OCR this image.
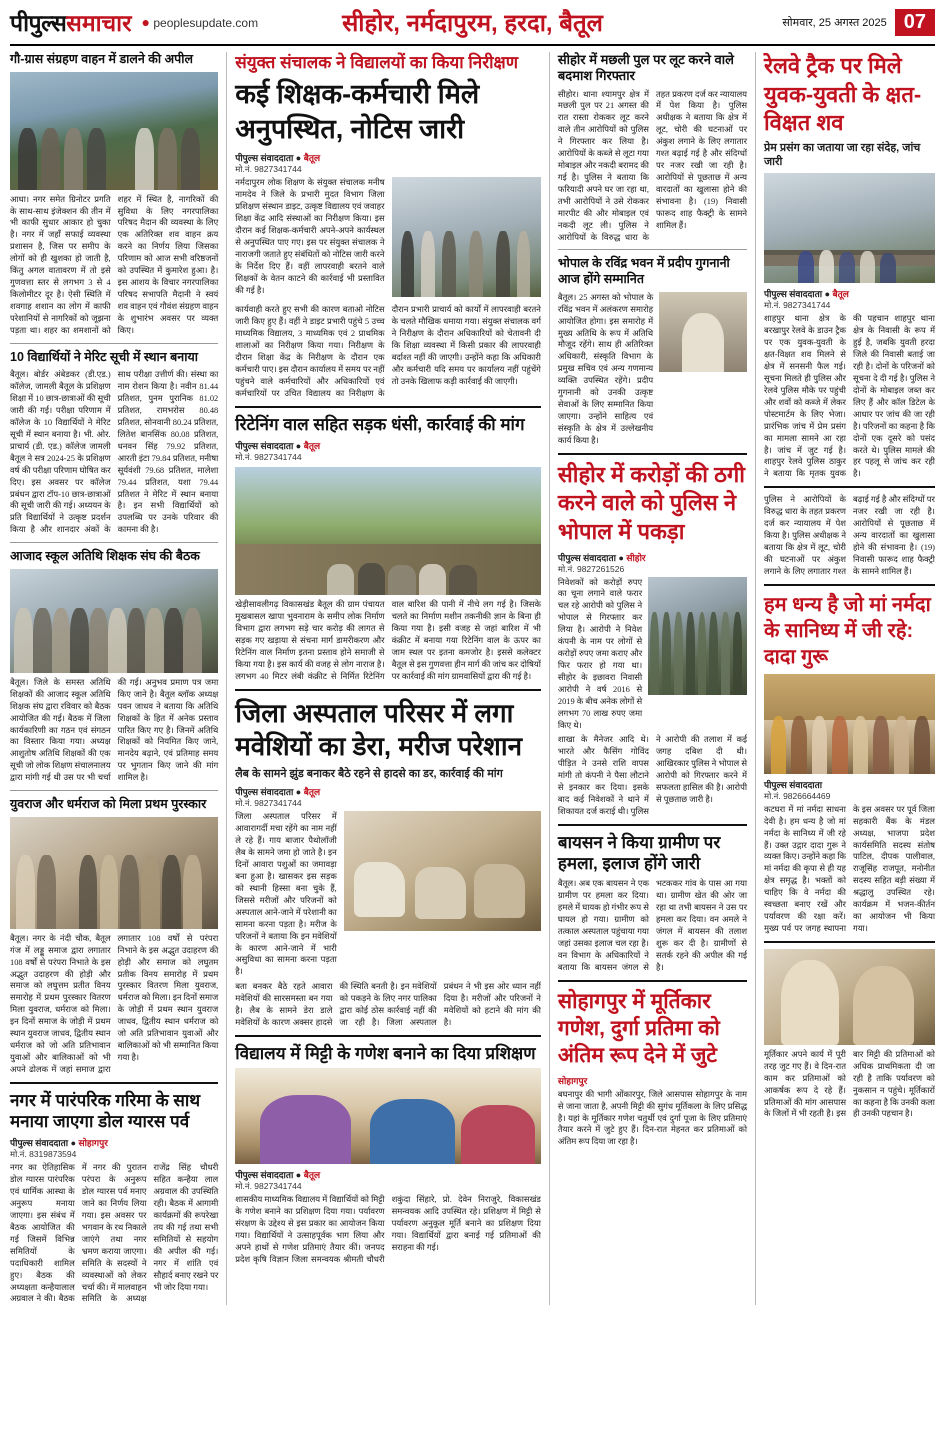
पीपुल्स समाचार ● peoplesupdate.com	सीहोर, नर्मदापुरम, हरदा, बैतूल	सोमवार, 25 अगस्त 2025 07
गौ-ग्रास संग्रहण वाहन में डालने की अपील
आधा। नगर समेत ग्रिनोटर प्रगति के साथ-साथ इंजेक्शन की तीन में भी काफी सुधार आकार हो चुका है। नगर में जहाँ सफाई व्यवस्था प्रशासन है, जिस पर समीप के लोगों को ही खुशका हो जाती है, किंतु अगल वातावरण में तो इसे गुणवत्ता स्तर से लगभग 3 से 4 किलोमीटर दूर है। ऐसी स्थिति में शवगाह शशान का लोग में काफी परेशानियों से नागरिकों को जूझना पड़ता था। शहर का शमशानों को शहर में स्थित है, नागरिकों की सुविधा के लिए नगरपालिका परिषद मैदान की व्यवस्था के लिए एक अतिरिक्त शव वाहन क्रय करने का निर्णय लिया जिसका परिणाम को आज सभी वरिष्ठजनों को उपस्थित में कुमारेश हुआ। है। इस आशय के विचार नगरपालिका परिषद सभापति मैदानी ने स्वयं शव वाहन एवं गौवंश संग्रहण वाहन के शुभारंभ अवसर पर व्यक्त किए।
10 विद्यार्थियों ने मेरिट सूची में स्थान बनाया
बैतूल। बोर्डर अंबेडकर (डी.एड.) कॉलेज, जामली बैतूल के प्रशिक्षण शिक्षा में 10 छात्र-छात्राओं की सूची जारी की गई। परीक्षा परिणाम में कॉलेज के 10 विद्यार्थियों ने मेरिट सूची में स्थान बनाया है। भी. ओर. प्राचार्य (डी. एड.) कॉलेज जामली बैतूल ने सत्र 2024-25 के प्रशिक्षण वर्ष की परीक्षा परिणाम घोषित कर दिए। इस अवसर पर कॉलेज प्रबंधन द्वारा टॉप-10 छात्र-छात्राओं की सूची जारी की गई। अध्ययन के प्रति विद्यार्थियों ने उत्कृष्ट प्रदर्शन किया है और शानदार अंकों के साथ परीक्षा उत्तीर्ण की। संस्था का नाम रोशन किया है। नवीन 81.44 प्रतिशत, पुनम पुरानिक 81.02 प्रतिशत, रामभरोस 80.48 प्रतिशत, सोनवानी 80.24 प्रतिशत, लितेश बानसिंक 80.08 प्रतिशत, धनवन सिंह 79.92 प्रतिशत, आरती इंटा 79.84 प्रतिशत, मनीषा सूर्यवंशी 79.68 प्रतिशत, मालेशा 79.44 प्रतिशत, यशा 79.44 प्रतिशत ने मेरिट में स्थान बनाया है। इन सभी विद्यार्थियों को उपलब्धि पर उनके परिवार की कामना की है।
आजाद स्कूल अतिथि शिक्षक संघ की बैठक
बैतूल। जिले के समस्त अतिथि शिक्षकों की आजाद स्कूल अतिथि शिक्षक संघ द्वारा रविवार को बैठक आयोजित की गई। बैठक में जिला कार्यकारिणी का गठन एवं संगठन का विस्तार किया गया। अध्यक्ष आशुतोष अतिथि शिक्षकों की एक सूची जो लोक शिक्षण संचालनालय द्वारा मांगी गई थी उस पर भी चर्चा की गई। अनुभव प्रमाण पत्र जमा किए जाने है। बैतूल ब्लॉक अध्यक्ष पवन जाधव ने बताया कि अतिथि शिक्षकों के हित में अनेक प्रस्ताव पारित किए गए है। जिनमें अतिथि शिक्षकों को नियमित किए जाने, मानदेय बढ़ाने, एवं प्रतिमाह समय पर भुगतान किए जाने की मांग शामिल है।
युवराज और धर्मराज को मिला प्रथम पुरस्कार
बैतूल। नगर के नंदी चौक, बैतूल गंज में लड्डू समाज द्वारा लगातार 108 वर्षों से परंपरा निभाते के इस अद्भुत उदाहरण की होड़ी और समाज को लघुत्तम प्रतीत विनय समारोह में प्रथम पुरस्कार वितरण मिला युवराज, धर्मराज को मिला। इन दिनों समाज के जोड़ी में प्रथम स्थान युवराज जाधव, द्वितीय स्थान धर्मराज को जो अति प्रतिभावान युवाओं और बालिकाओं को भी अपने ढोलक में जहां समाज द्वारा लगातार 108 वर्षों से परंपरा निभाने के इस अद्भुत उदाहरण की होड़ी और समाज को लघुतम प्रतीक विनय समारोह में प्रथम पुरस्कार वितरण मिला युवराज, धर्मराज को मिला। इन दिनों समाज के जोड़ी में प्रथम स्थान युवराज जाधव, द्वितीय स्थान धर्मराज को जो अति प्रतिभावान युवाओं और बालिकाओं को भी सम्मानित किया गया है।
नगर में पारंपरिक गरिमा के साथ मनाया जाएगा डोल ग्यारस पर्व
पीपुल्स संवाददाता ● सोहागपुर
मो.नं. 8319873594
नगर का ऐतिहासिक डोल ग्यारस पारंपरिक एवं धार्मिक आस्था के अनुरूप मनाया जाएगा। इस संबंध में बैठक आयोजित की गई जिसमें विभिन्न समितियों के पदाधिकारी शामिल हुए। बैठक की अध्यक्षता कन्हैयालाल अग्रवाल ने की। बैठक में नगर की पुरातन परंपरा के अनुरूप डोल ग्यारस पर्व मनाए जाने का निर्णय लिया गया। इस अवसर पर भगवान के रथ निकाले जाएंगे तथा नगर भ्रमण कराया जाएगा। समिति के सदस्यों ने व्यवस्थाओं को लेकर चर्चा की। में मालवाहन समिति के अध्यक्ष राजेंद्र सिंह चौधरी सहित कन्हैया लाल अग्रवाल की उपस्थिति रही। बैठक में आगामी कार्यक्रमों की रूपरेखा तय की गई तथा सभी समितियों से सहयोग की अपील की गई। नगर में शांति एवं सौहार्द बनाए रखने पर भी जोर दिया गया।
संयुक्त संचालक ने विद्यालयों का किया निरीक्षण
कई शिक्षक-कर्मचारी मिले अनुपस्थित, नोटिस जारी
पीपुल्स संवाददाता ● बैतूल
मो.नं. 9827341744
नर्मदापुरम लोक शिक्षण के संयुक्त संचालक मनीष नामदेव ने जिले के प्रभारी मुदत विभाग जिला प्रशिक्षण संस्थान डाइट, उत्कृष्ट विद्यालय एवं जवाहर शिक्षा केंद्र आदि संस्थाओं का निरीक्षण किया। इस दौरान कई शिक्षक-कर्मचारी अपने-अपने कार्यस्थल से अनुपस्थित पाए गए। इस पर संयुक्त संचालक ने नाराजगी जताते हुए संबंधितों को नोटिस जारी करने के निर्देश दिए हैं। वहीं लापरवाही बरतने वाले शिक्षकों के वेतन काटने की कार्रवाई भी प्रस्तावित की गई है।
कार्यवाही करते हुए सभी की कारण बताओ नोटिस जारी किए हुए हैं। वहीं ने डाइट प्रभारी पहुंचे 5 उच्च माध्यमिक विद्यालय, 3 माध्यमिक एवं 2 प्राथमिक शालाओं का निरीक्षण किया गया। निरीक्षण के दौरान शिक्षा केंद्र के निरीक्षण के दौरान एक कर्मचारी पाए। इस दौरान कार्यालय में समय पर नहीं पहुंचने वाले कर्मचारियों और अधिकारियों एवं कर्मचारियों पर उचित विद्यालय का निरीक्षण के दौरान प्रभारी प्राचार्य को कार्यों में लापरवाही बरतने के चलते मौखिक धमाया गया। संयुक्त संचालक वर्ग ने निरीक्षण के दौरान अधिकारियों को चेतावनी दी कि शिक्षा व्यवस्था में किसी प्रकार की लापरवाही बर्दाश्त नहीं की जाएगी। उन्होंने कहा कि अधिकारी और कर्मचारी यदि समय पर कार्यालय नहीं पहुंचेंगे तो उनके खिलाफ कड़ी कार्रवाई की जाएगी।
रिटेनिंग वाल सहित सड़क धंसी, कार्रवाई की मांग
पीपुल्स संवाददाता ● बैतूल
मो.नं. 9827341744
खेड़ीसावलीगढ़ विकासखंड बैतूल की ग्राम पंचायत मुखबासल खापा भुवनाराम के समीप लोक निर्माण विभाग द्वारा लगभग सड़े चार करोड़ की लागत से सड़क गए खड़ाया से संचना मार्ग डामरीकरण और रिटेनिंग वाल निर्माण इतना प्रस्ताव होने समाजी से किया गया है। इस कार्य की वजह से लोग नाराज है। लगभग 40 मिटर लंबी कंक्रीट से निर्मित रिटेनिंग वाल बारिश की पानी में नीचे लग गई है। जिसके चलते का निर्माण मशीन तकनीकी ज्ञान के बिना ही किया गया है। इसी वजह से जहां बारिश में भी कंक्रीट में बनाया गया रिटेनिंग वाल के ऊपर का जाम स्थल पर इतना कमजोर है। इससे कलेक्टर बैतूल से इस गुणवत्ता हीन मार्ग की जांच कर दोषियों पर कार्रवाई की मांग ग्रामवासियों द्वारा की गई है।
जिला अस्पताल परिसर में लगा मवेशियों का डेरा, मरीज परेशान
लैब के सामने झुंड बनाकर बैठे रहने से हादसे का डर, कार्रवाई की मांग
पीपुल्स संवाददाता ● बैतूल
मो.नं. 9827341744
जिला अस्पताल परिसर में आवारागर्दी मचा रहेंगे का नाम नहीं ले रहे हैं। गाय बाजार पैथोलॉजी लैब के सामने जमा हो जाते है। इन दिनों आवारा पशुओं का जमावड़ा बना हुआ है। खासकर इस सड़क को स्थानी हिस्सा बना चुके हैं, जिससे मरीजों और परिजनों को अस्पताल आने-जाने में परेशानी का सामना करना पड़ता है। मरीज के परिजनों ने बताया कि इन मवेशियों के कारण आने-जाने में भारी असुविधा का सामना करना पड़ता है।
बता बनकर बैठे रहते आवारा मवेशियों की सारसमस्ता बन गया है। लैब के सामने डेरा डाले मवेशियों के कारण अक्सर हादसे की स्थिति बनती है। इन मवेशियों को पकड़ने के लिए नगर पालिका द्वारा कोई ठोस कार्रवाई नहीं की जा रही है। जिला अस्पताल प्रबंधन ने भी इस ओर ध्यान नहीं दिया है। मरीजों और परिजनों ने मवेशियों को हटाने की मांग की है।
विद्यालय में मिट्टी के गणेश बनाने का दिया प्रशिक्षण
पीपुल्स संवाददाता ● बैतूल
मो.नं. 9827341744
शासकीय माध्यमिक विद्यालय में विद्यार्थियों को मिट्टी के गणेश बनाने का प्रशिक्षण दिया गया। पर्यावरण संरक्षण के उद्देश्य से इस प्रकार का आयोजन किया गया। विद्यार्थियों ने उत्साहपूर्वक भाग लिया और अपने हाथों से गणेश प्रतिमाएं तैयार कीं। जनपद प्रदेश कृषि विज्ञान जिला समन्वयक श्रीमती चौधरी शकुंदा सिंहारे, प्रो. देवेन निराजुरे, विकासखंड समन्वयक आदि उपस्थित रहे। प्रशिक्षण में मिट्टी से पर्यावरण अनुकूल मूर्ति बनाने का प्रशिक्षण दिया गया। विद्यार्थियों द्वारा बनाई गई प्रतिमाओं की सराहना की गई।
सीहोर में मछली पुल पर लूट करने वाले बदमाश गिरफ्तार
सीहोर। थाना श्यामपुर क्षेत्र में मछली पुल पर 21 अगस्त की रात रास्ता रोककर लूट करने वाले तीन आरोपियों को पुलिस ने गिरफ्तार कर लिया है। आरोपियों के कब्जे से लूटा गया मोबाइल और नकदी बरामद की गई है। पुलिस ने बताया कि फरियादी अपने घर जा रहा था, तभी आरोपियों ने उसे रोककर मारपीट की और मोबाइल एवं नकदी लूट ली। पुलिस ने आरोपियों के विरुद्ध धारा के तहत प्रकरण दर्ज कर न्यायालय में पेश किया है। पुलिस अधीक्षक ने बताया कि क्षेत्र में लूट, चोरी की घटनाओं पर अंकुश लगाने के लिए लगातार गश्त बढ़ाई गई है और संदिग्धों पर नजर रखी जा रही है। आरोपियों से पूछताछ में अन्य वारदातों का खुलासा होने की संभावना है। (19) निवासी फारूद शाह फैक्ट्री के सामने शामिल हैं।
भोपाल के रविंद्र भवन में प्रदीप गुगनानी आज होंगे सम्मानित
बैतूल। 25 अगस्त को भोपाल के रविंद्र भवन में अलंकरण समारोह आयोजित होगा। इस समारोह में मुख्य अतिथि के रूप में अतिथि मौजूद रहेंगे। साथ ही अतिरिक्त अधिकारी, संस्कृति विभाग के प्रमुख सचिव एवं अन्य गणमान्य व्यक्ति उपस्थित रहेंगे। प्रदीप गुगनानी को उनकी उत्कृष्ट सेवाओं के लिए सम्मानित किया जाएगा। उन्होंने साहित्य एवं संस्कृति के क्षेत्र में उल्लेखनीय कार्य किया है।
सीहोर में करोड़ों की ठगी करने वाले को पुलिस ने भोपाल में पकड़ा
पीपुल्स संवाददाता ● सीहोर
मो.नं. 9827261526
निवेशकों को करोड़ों रुपए का चूना लगाने वाले फरार चल रहे आरोपी को पुलिस ने भोपाल से गिरफ्तार कर लिया है। आरोपी ने निवेश कंपनी के नाम पर लोगों से करोड़ों रुपए जमा कराए और फिर फरार हो गया था। सीहोर के इछावरा निवासी आरोपी ने वर्ष 2016 से 2019 के बीच अनेक लोगों से लगभग 70 लाख रुपए जमा किए थे।
शाखा के मैनेजर आदि थे। भारते और फैसिंग गोविंद पीड़ित ने उनसे राशि वापस मांगी तो कंपनी ने पैसा लौटाने से इनकार कर दिया। इसके बाद कई निवेशकों ने थाने में शिकायत दर्ज कराई थी। पुलिस ने आरोपी की तलाश में कई जगह दबिश दी थी। आखिरकार पुलिस ने भोपाल से आरोपी को गिरफ्तार करने में सफलता हासिल की है। आरोपी से पूछताछ जारी है।
बायसन ने किया ग्रामीण पर हमला, इलाज होंगे जारी
बैतूल। अब एक बायसन ने एक ग्रामीण पर हमला कर दिया। हमले में घायक हो गंभीर रूप से घायल हो गया। ग्रामीण को तत्काल अस्पताल पहुंचाया गया जहां उसका इलाज चल रहा है। वन विभाग के अधिकारियों ने बताया कि बायसन जंगल से भटककर गांव के पास आ गया था। ग्रामीण खेत की ओर जा रहा था तभी बायसन ने उस पर हमला कर दिया। वन अमले ने जंगल में बायसन की तलाश शुरू कर दी है। ग्रामीणों से सतर्क रहने की अपील की गई है।
सोहागपुर में मूर्तिकार गणेश, दुर्गा प्रतिमा को अंतिम रूप देने में जुटे
सोहागपुर
बघनापुर की भागी ओंकारपुर, जिले आसपास सोहागपुर के नाम से जाना जाता है, अपनी मिट्टी की सुगंध मूर्तिकला के लिए प्रसिद्ध है। यहां के मूर्तिकार गणेश चतुर्थी एवं दुर्गा पूजा के लिए प्रतिमाएं तैयार करने में जुटे हुए हैं। दिन-रात मेहनत कर प्रतिमाओं को अंतिम रूप दिया जा रहा है।
रेलवे ट्रैक पर मिले युवक-युवती के क्षत-विक्षत शव
प्रेम प्रसंग का जताया जा रहा संदेह, जांच जारी
पीपुल्स संवाददाता ● बैतूल
मो.नं. 9827341744
शाहपुर थाना क्षेत्र के बरखापुर रेलवे के डाउन ट्रैक पर एक युवक-युवती के क्षत-विक्षत शव मिलने से क्षेत्र में सनसनी फैल गई। सूचना मिलते ही पुलिस और रेलवे पुलिस मौके पर पहुंची और शवों को कब्जे में लेकर पोस्टमार्टम के लिए भेजा। प्रारंभिक जांच में प्रेम प्रसंग का मामला सामने आ रहा है। जांच में जुट गई है। शाहपुर रेलवे पुलिस ठाकुर ने बताया कि मृतक युवक की पहचान शाहपुर थाना क्षेत्र के निवासी के रूप में हुई है, जबकि युवती हरदा जिले की निवासी बताई जा रही है। दोनों के परिजनों को सूचना दे दी गई है। पुलिस ने दोनों के मोबाइल जब्त कर लिए हैं और कॉल डिटेल के आधार पर जांच की जा रही है। परिजनों का कहना है कि दोनों एक दूसरे को पसंद करते थे। पुलिस मामले की हर पहलू से जांच कर रही है।
पुलिस ने आरोपियों के विरुद्ध धारा के तहत प्रकरण दर्ज कर न्यायालय में पेश किया है। पुलिस अधीक्षक ने बताया कि क्षेत्र में लूट, चोरी की घटनाओं पर अंकुश लगाने के लिए लगातार गश्त बढ़ाई गई है और संदिग्धों पर नजर रखी जा रही है। आरोपियों से पूछताछ में अन्य वारदातों का खुलासा होने की संभावना है। (19) निवासी फारूद शाह फैक्ट्री के सामने शामिल हैं।
हम धन्य है जो मां नर्मदा के सानिध्य में जी रहे: दादा गुरू
पीपुल्स संवाददाता
मो.नं. 9826664469
कटघरा में मां नर्मदा साधना देवी है। हम धन्य है जो मां नर्मदा के सानिध्य में जी रहे हैं। उक्त उद्गार दादा गुरू ने व्यक्त किए। उन्होंने कहा कि मां नर्मदा की कृपा से ही यह क्षेत्र समृद्ध है। भक्तों को चाहिए कि वे नर्मदा की स्वच्छता बनाए रखें और पर्यावरण की रक्षा करें। मुख्य पर्व पर जगह स्थापना के इस अवसर पर पूर्व जिला सहकारी बैंक के मंडल अध्यक्ष, भाजपा प्रदेश कार्यसमिति सदस्य संतोष पाटिल, दीपक पालीवाल, राजूसिंह राजपूत, मनोनीत सदस्य सहित बड़ी संख्या में श्रद्धालु उपस्थित रहे। कार्यक्रम में भजन-कीर्तन का आयोजन भी किया गया।
मूर्तिकार अपने कार्य में पूरी तरह जुट गए हैं। वे दिन-रात काम कर प्रतिमाओं को आकर्षक रूप दे रहे हैं। प्रतिमाओं की मांग आसपास के जिलों में भी रहती है। इस बार मिट्टी की प्रतिमाओं को अधिक प्राथमिकता दी जा रही है ताकि पर्यावरण को नुकसान न पहुंचे। मूर्तिकारों का कहना है कि उनकी कला ही उनकी पहचान है।
